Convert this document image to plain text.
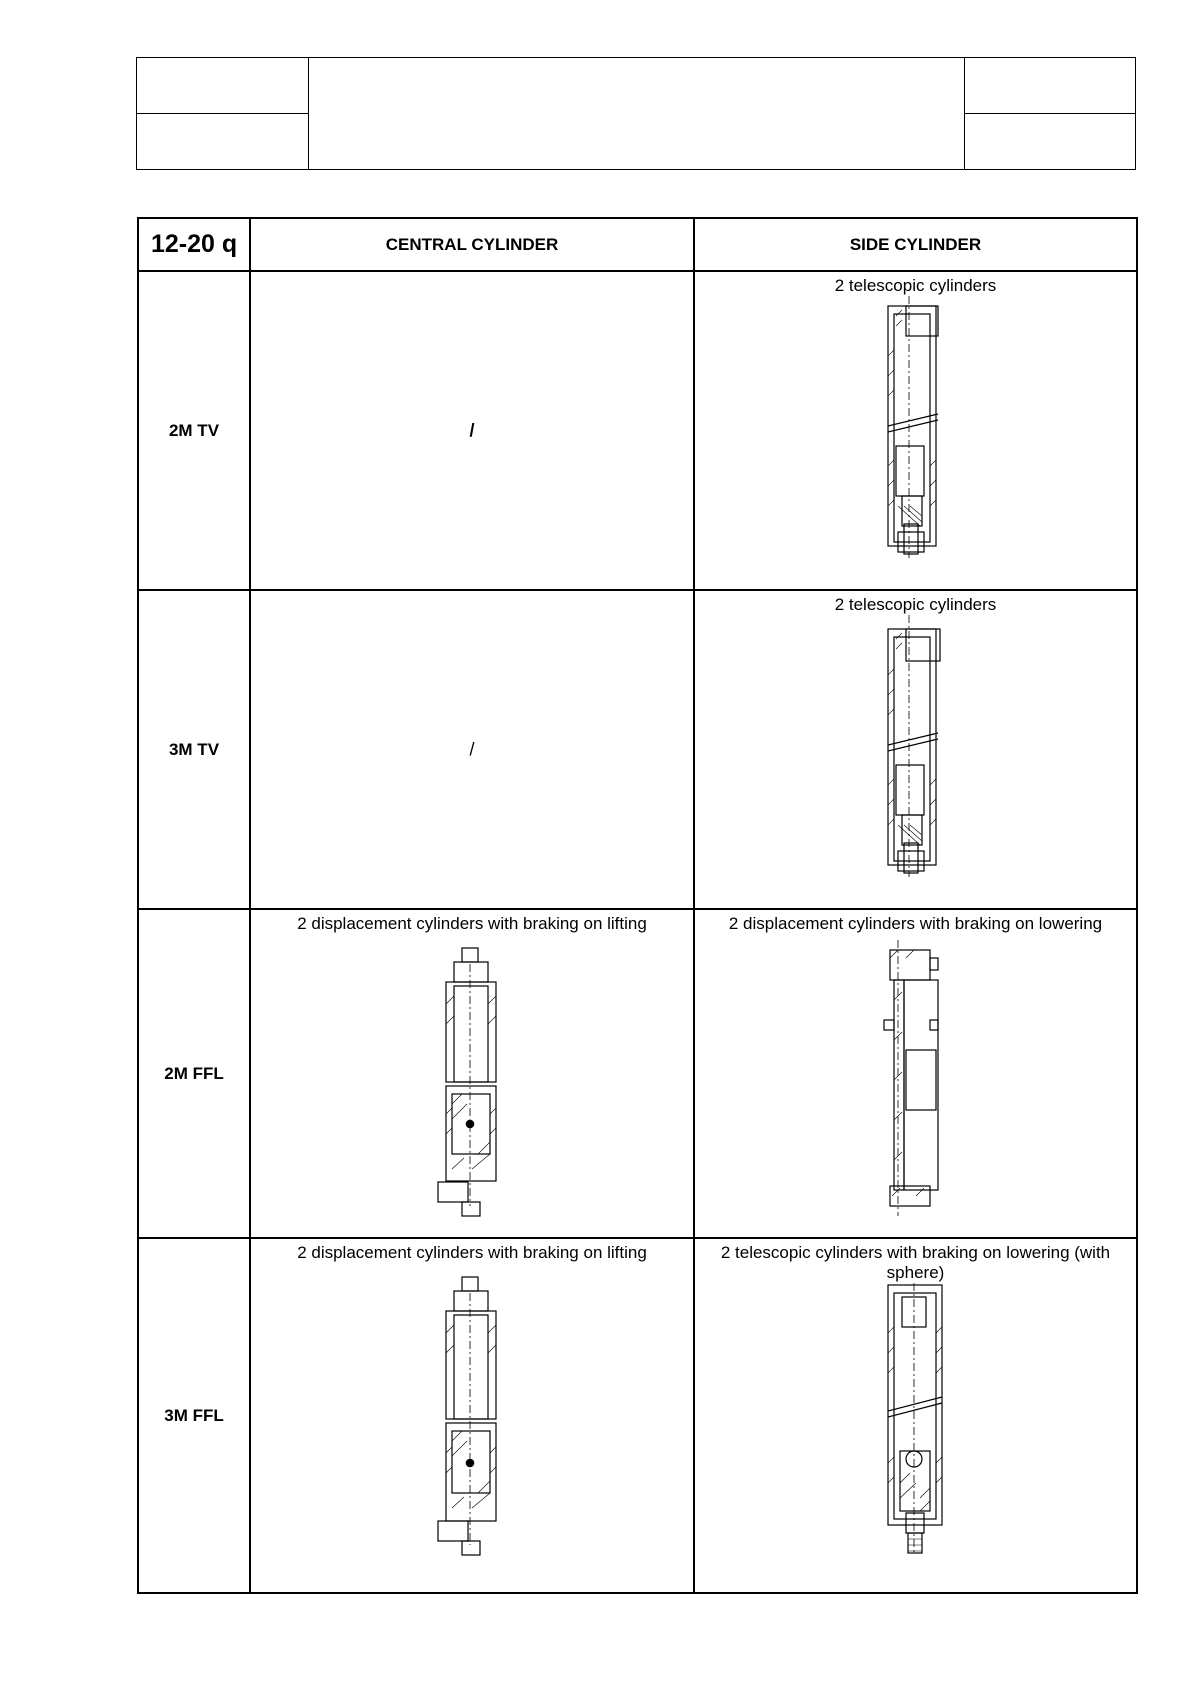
12-20 q	CENTRAL CYLINDER	SIDE CYLINDER
2M TV	/	2 telescopic cylinders

3M TV	/	2 telescopic cylinders

2M FFL	2 displacement cylinders with braking on lifting	2 displacement cylinders with braking on lowering

3M FFL	2 displacement cylinders with braking on lifting	2 telescopic cylinders with braking on lowering (with sphere)
